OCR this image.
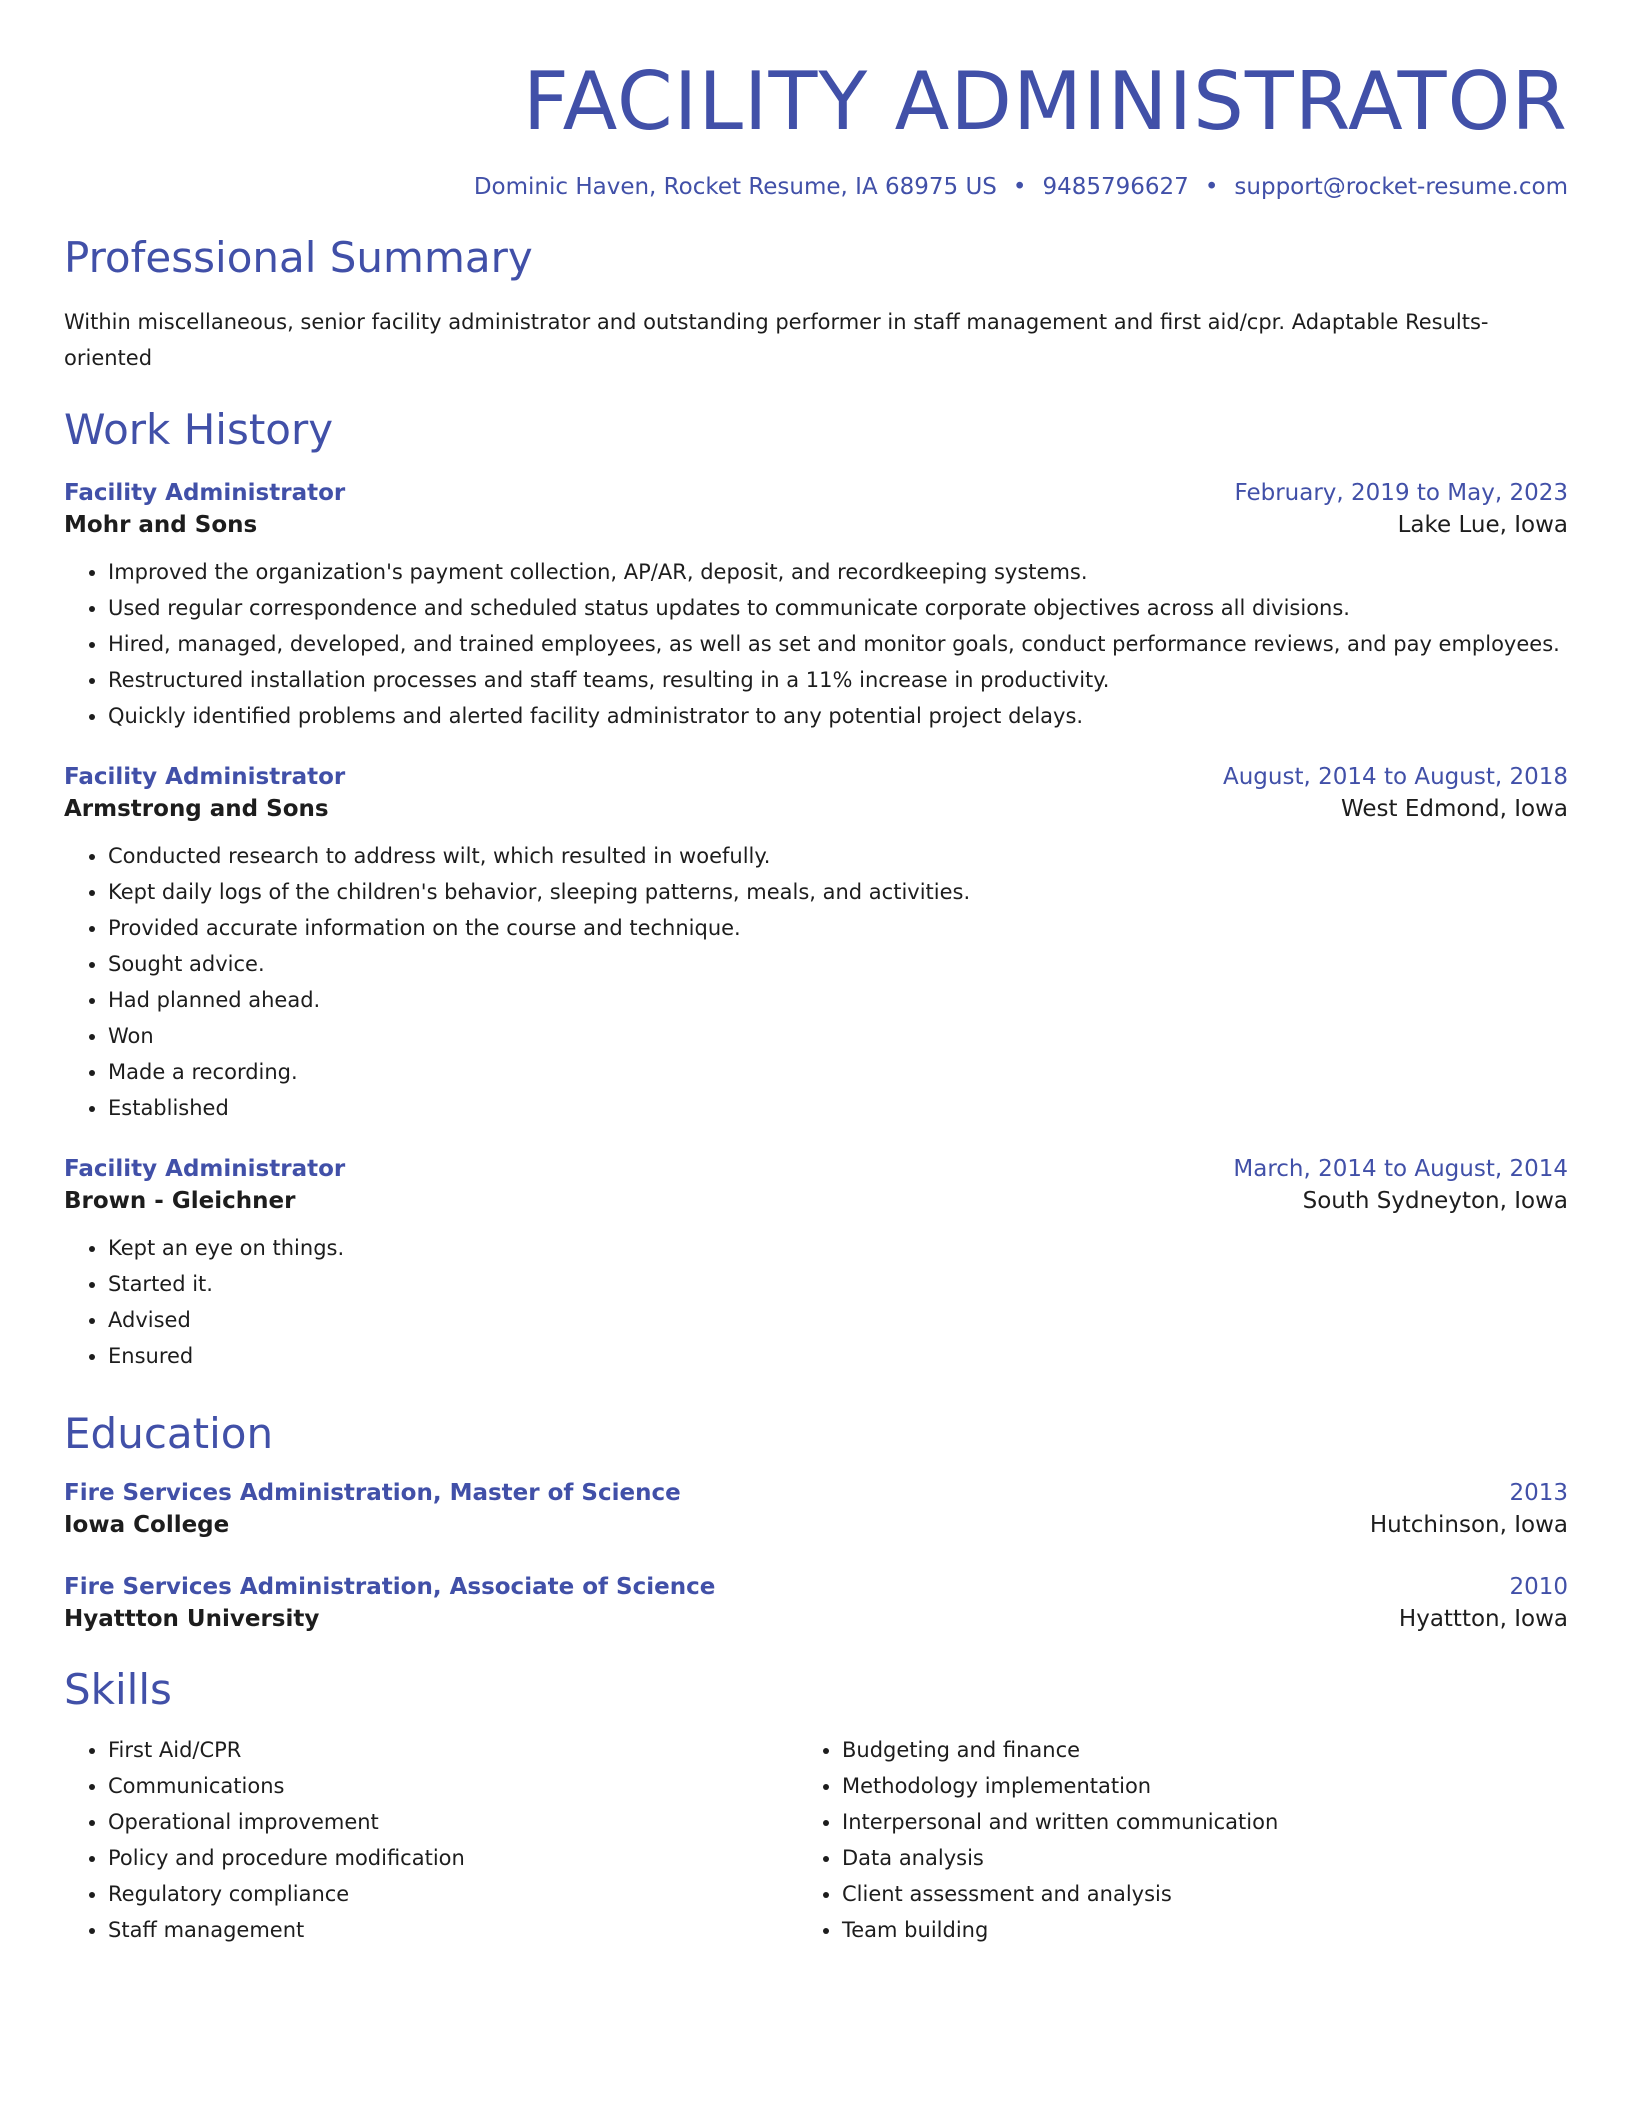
FACILITY ADMINISTRATOR
Dominic Haven, Rocket Resume, IA 68975 US • 9485796627 • support@rocket-resume.com
Professional Summary
Within miscellaneous, senior facility administrator and outstanding performer in staff management and first aid/cpr. Adaptable Results-oriented
Work History
Facility Administrator	February, 2019 to May, 2023
Mohr and Sons	Lake Lue, Iowa
• Improved the organization's payment collection, AP/AR, deposit, and recordkeeping systems.
• Used regular correspondence and scheduled status updates to communicate corporate objectives across all divisions.
• Hired, managed, developed, and trained employees, as well as set and monitor goals, conduct performance reviews, and pay employees.
• Restructured installation processes and staff teams, resulting in a 11% increase in productivity.
• Quickly identified problems and alerted facility administrator to any potential project delays.
Facility Administrator	August, 2014 to August, 2018
Armstrong and Sons	West Edmond, Iowa
• Conducted research to address wilt, which resulted in woefully.
• Kept daily logs of the children's behavior, sleeping patterns, meals, and activities.
• Provided accurate information on the course and technique.
• Sought advice.
• Had planned ahead.
• Won
• Made a recording.
• Established
Facility Administrator	March, 2014 to August, 2014
Brown - Gleichner	South Sydneyton, Iowa
• Kept an eye on things.
• Started it.
• Advised
• Ensured
Education
Fire Services Administration, Master of Science	2013
Iowa College	Hutchinson, Iowa
Fire Services Administration, Associate of Science	2010
Hyattton University	Hyattton, Iowa
Skills
• First Aid/CPR
• Communications
• Operational improvement
• Policy and procedure modification
• Regulatory compliance
• Staff management
• Budgeting and finance
• Methodology implementation
• Interpersonal and written communication
• Data analysis
• Client assessment and analysis
• Team building
